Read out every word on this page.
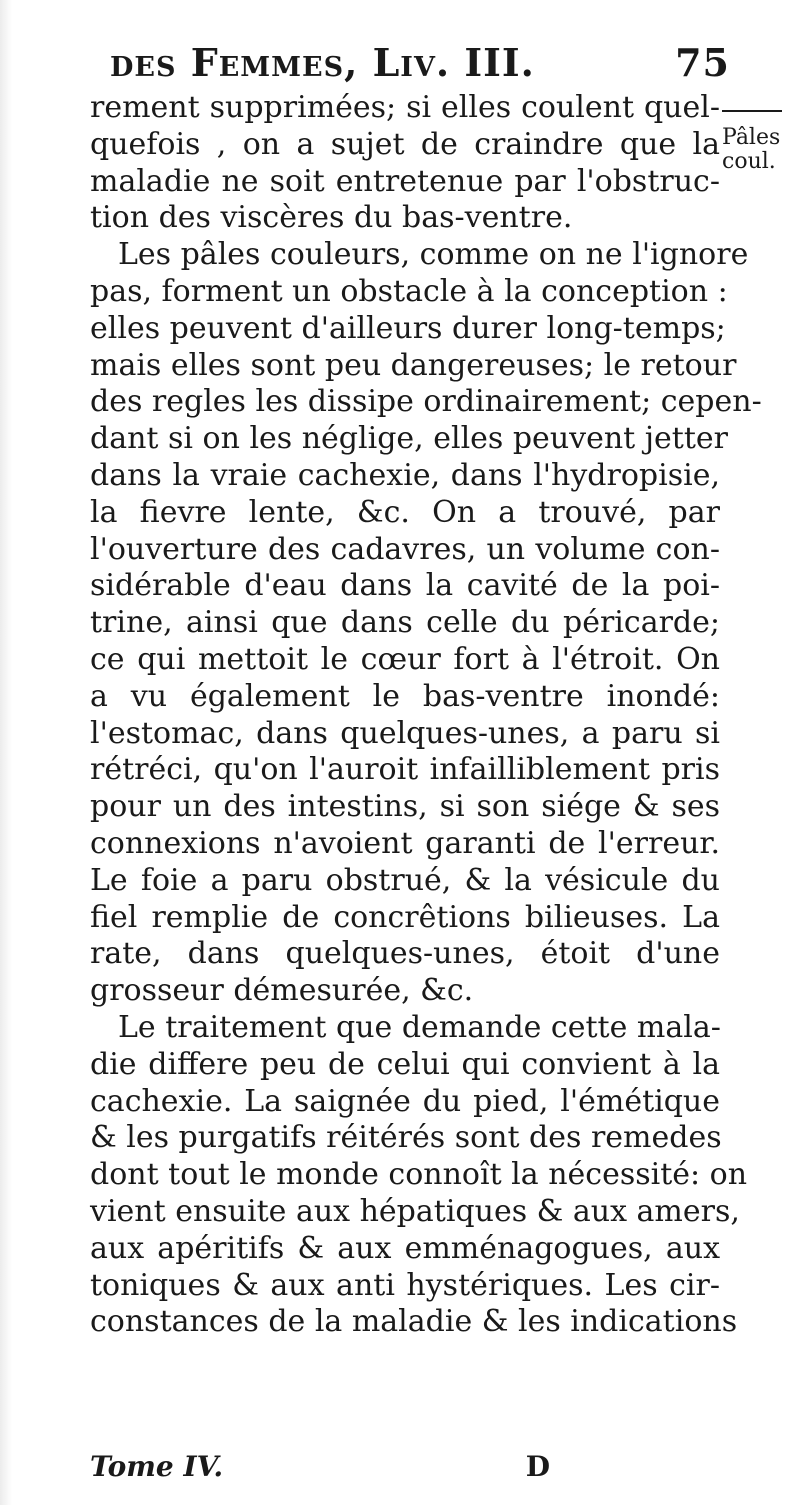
des Femmes, Liv. III.	75
Pâles
coul.
rement supprimées; si elles coulent quel-
quefois , on a sujet de craindre que la
maladie ne soit entretenue par l'obstruc-
tion des viscères du bas-ventre.
Les pâles couleurs, comme on ne l'ignore
pas, forment un obstacle à la conception :
elles peuvent d'ailleurs durer long-temps;
mais elles sont peu dangereuses; le retour
des regles les dissipe ordinairement; cepen-
dant si on les néglige, elles peuvent jetter
dans la vraie cachexie, dans l'hydropisie,
la fievre lente, &c. On a trouvé, par
l'ouverture des cadavres, un volume con-
sidérable d'eau dans la cavité de la poi-
trine, ainsi que dans celle du péricarde;
ce qui mettoit le cœur fort à l'étroit. On
a vu également le bas-ventre inondé:
l'estomac, dans quelques-unes, a paru si
rétréci, qu'on l'auroit infailliblement pris
pour un des intestins, si son siége & ses
connexions n'avoient garanti de l'erreur.
Le foie a paru obstrué, & la vésicule du
fiel remplie de concrêtions bilieuses. La
rate, dans quelques-unes, étoit d'une
grosseur démesurée, &c.
Le traitement que demande cette mala-
die differe peu de celui qui convient à la
cachexie. La saignée du pied, l'émétique
& les purgatifs réitérés sont des remedes
dont tout le monde connoît la nécessité: on
vient ensuite aux hépatiques & aux amers,
aux apéritifs & aux emménagogues, aux
toniques & aux anti hystériques. Les cir-
constances de la maladie & les indications
Tome IV.	D
